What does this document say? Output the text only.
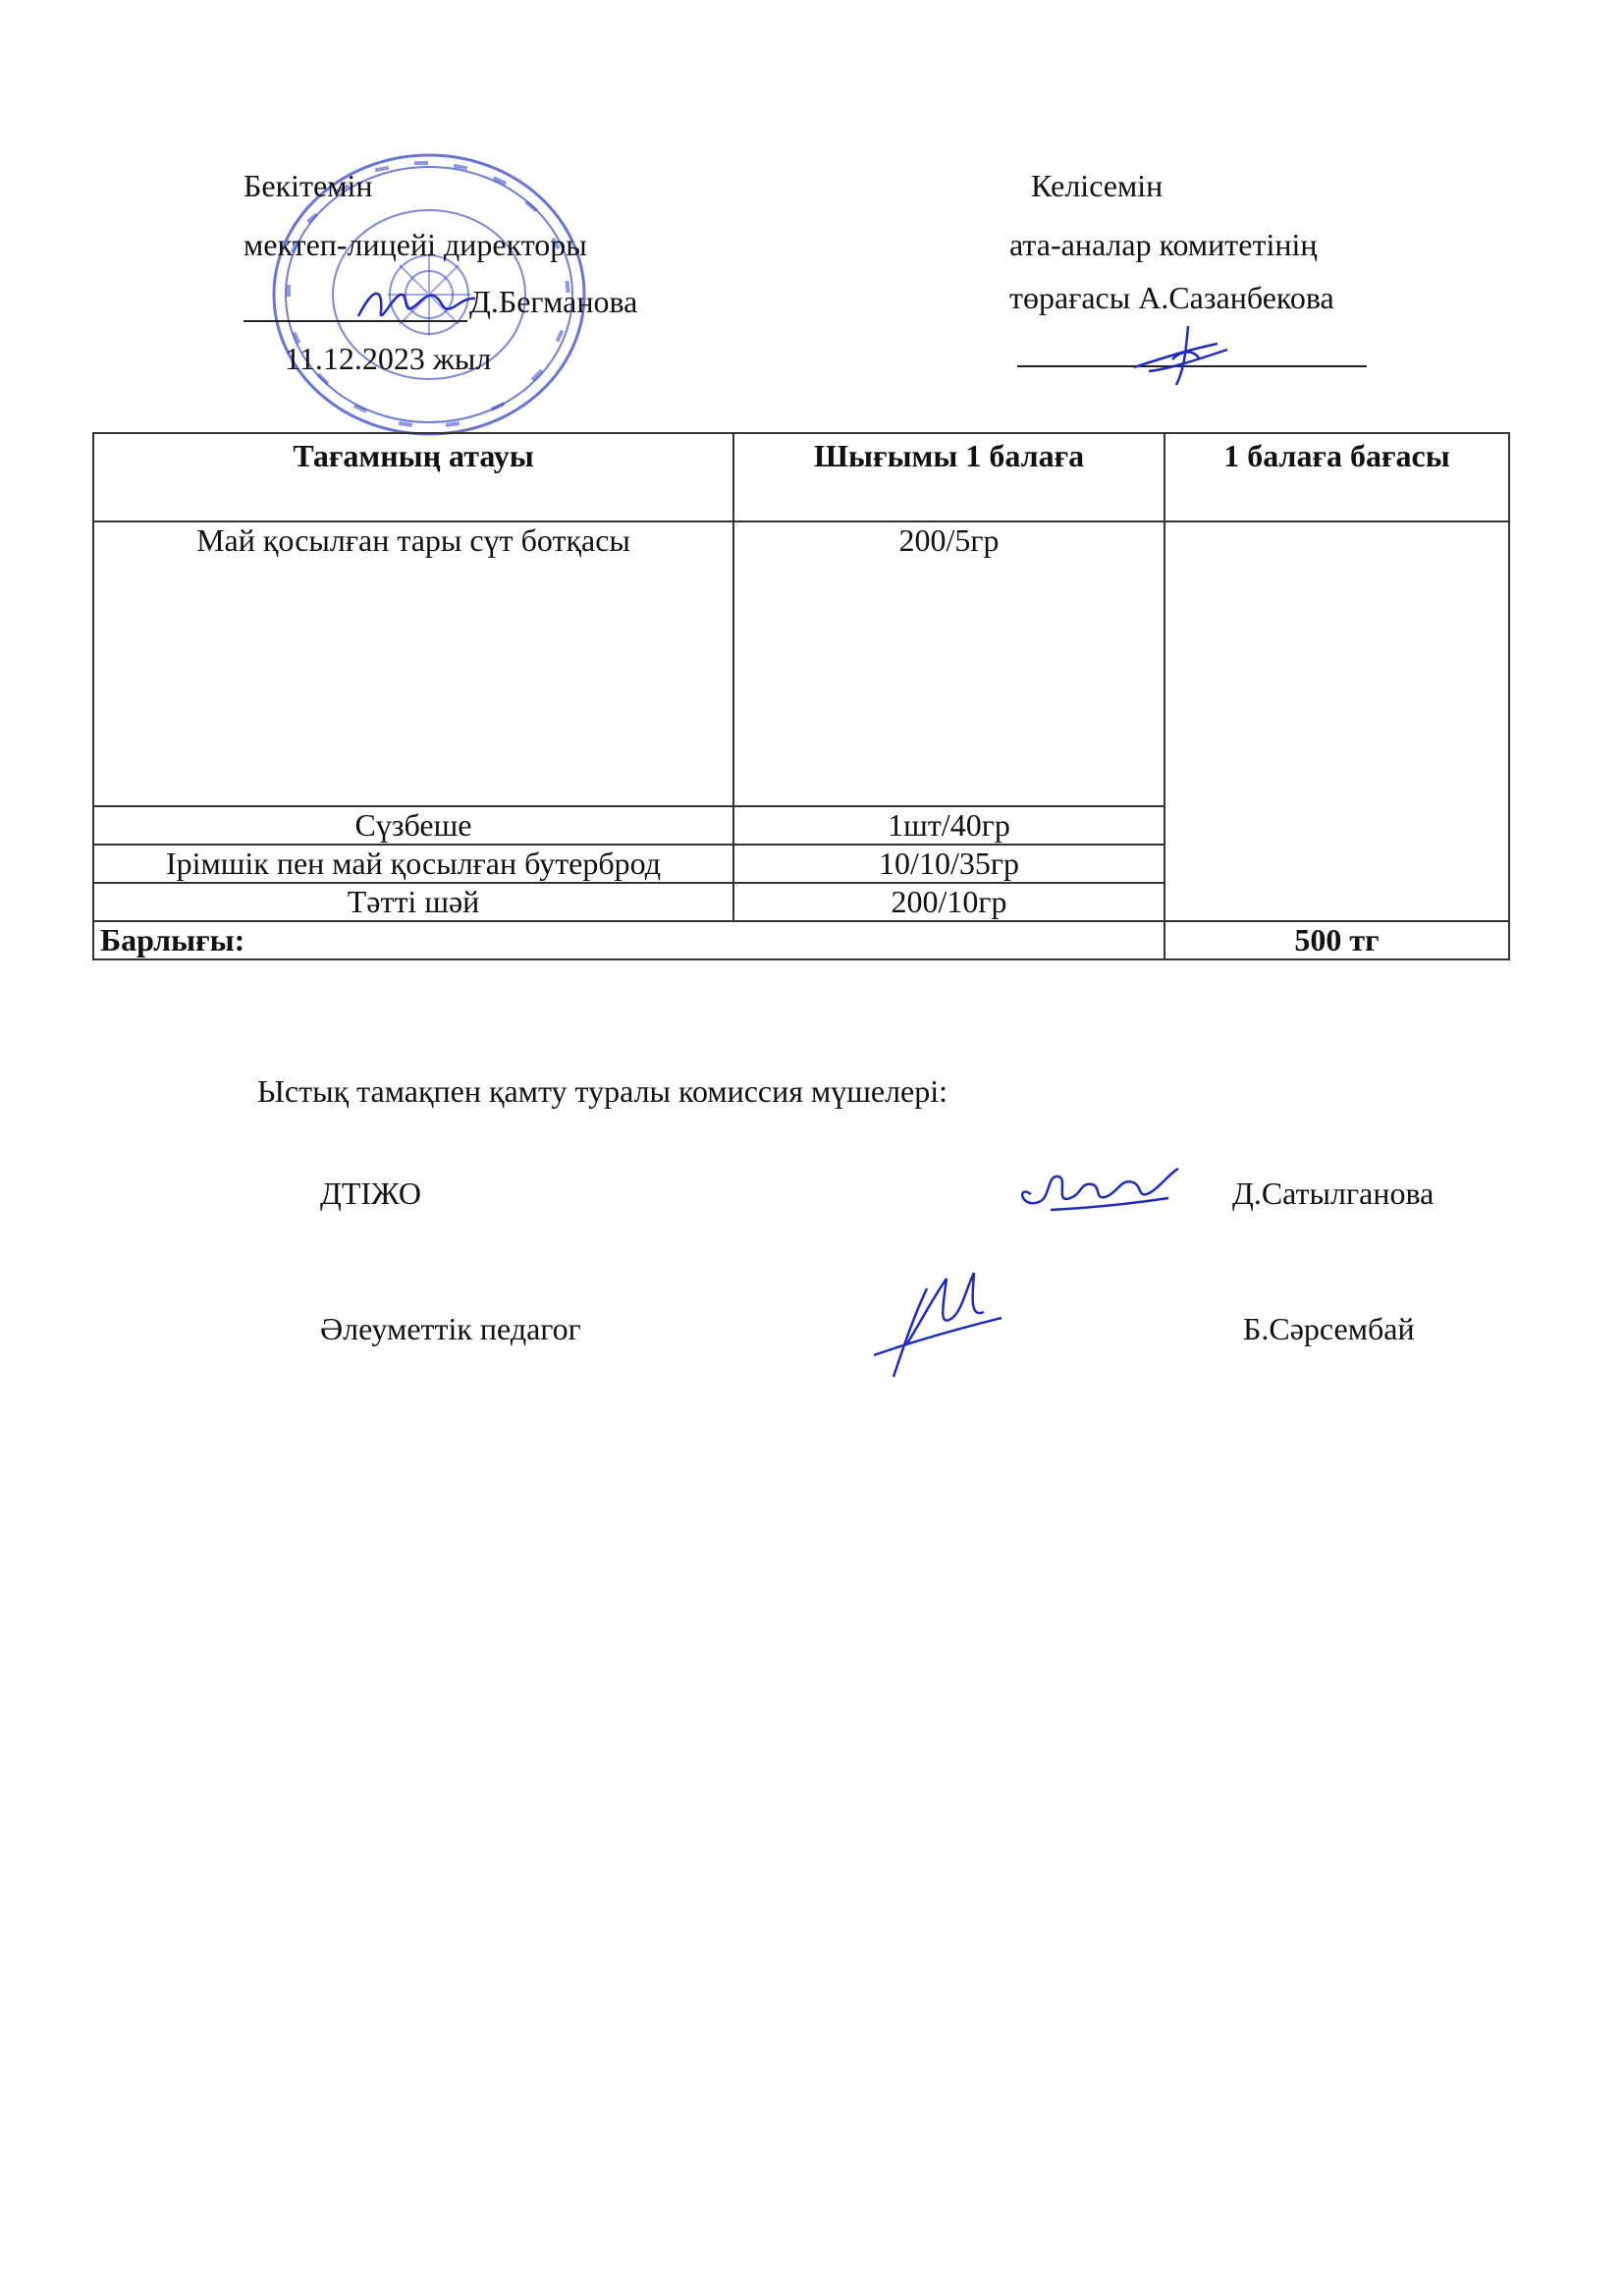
Бекітемін
мектеп-лицейі директоры
Д.Бегманова
11.12.2023 жыл
Келісемін
ата-аналар комитетінің
төрағасы А.Сазанбекова
Тағамның атауы	Шығымы 1 балаға	1 балаға бағасы
Май қосылған тары сүт ботқасы	200/5гр	
Сүзбеше	1шт/40гр	
Ірімшік пен май қосылған бутерброд	10/10/35гр	
Тәтті шәй	200/10гр	
Барлығы:		500 тг
Ыстық тамақпен қамту туралы комиссия мүшелері:
ДТІЖО	Д.Сатылганова
Әлеуметтік педагог	Б.Сәрсембай
